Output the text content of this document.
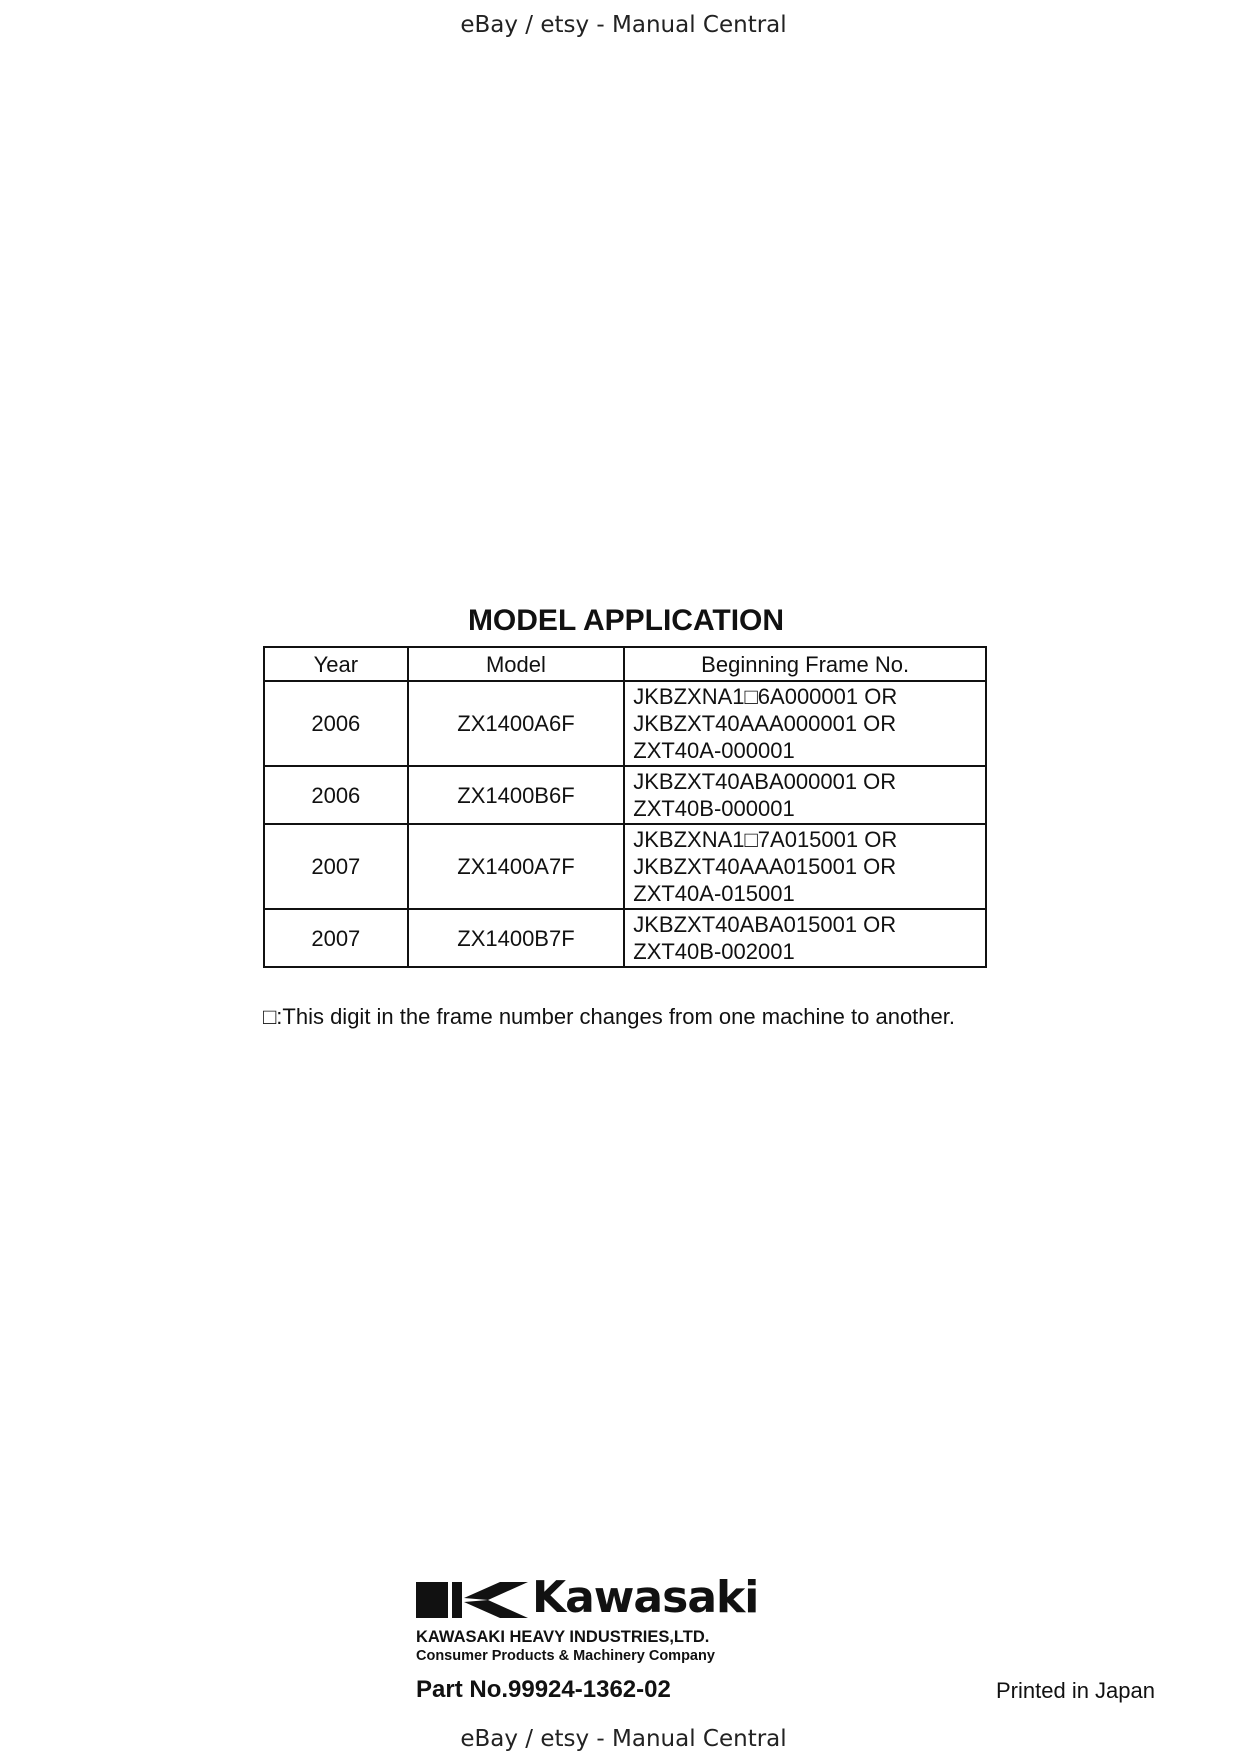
eBay / etsy - Manual Central
MODEL APPLICATION
Year	Model	Beginning Frame No.
2006	ZX1400A6F	JKBZXNA1□6A000001 OR
JKBZXT40AAA000001 OR
ZXT40A-000001

2006	ZX1400B6F	JKBZXT40ABA000001 OR
ZXT40B-000001

2007	ZX1400A7F	JKBZXNA1□7A015001 OR
JKBZXT40AAA015001 OR
ZXT40A-015001

2007	ZX1400B7F	JKBZXT40ABA015001 OR
ZXT40B-002001
□:This digit in the frame number changes from one machine to another.
Kawasaki
KAWASAKI HEAVY INDUSTRIES,LTD.
Consumer Products & Machinery Company
Part No.99924-1362-02	Printed in Japan
eBay / etsy - Manual Central
